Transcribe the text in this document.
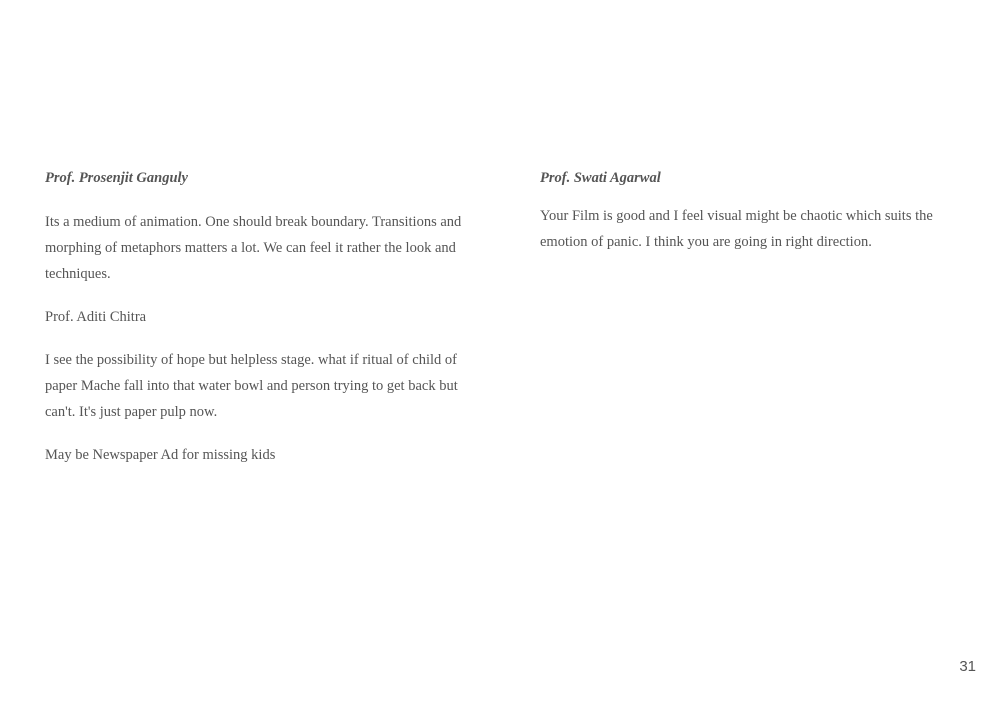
Prof. Prosenjit Ganguly

Its a medium of animation. One should break boundary. Transitions and morphing of metaphors matters a lot. We can feel it rather the look and techniques.

Prof. Aditi Chitra

I see the possibility of hope but helpless stage. what if ritual of child of paper Mache fall into that water bowl and person trying to get back but can't. It's just paper pulp now.

May be Newspaper Ad for missing kids

Prof. Swati Agarwal

Your Film is good and I feel visual might be chaotic which suits the emotion of panic. I think you are going in right direction.

31
